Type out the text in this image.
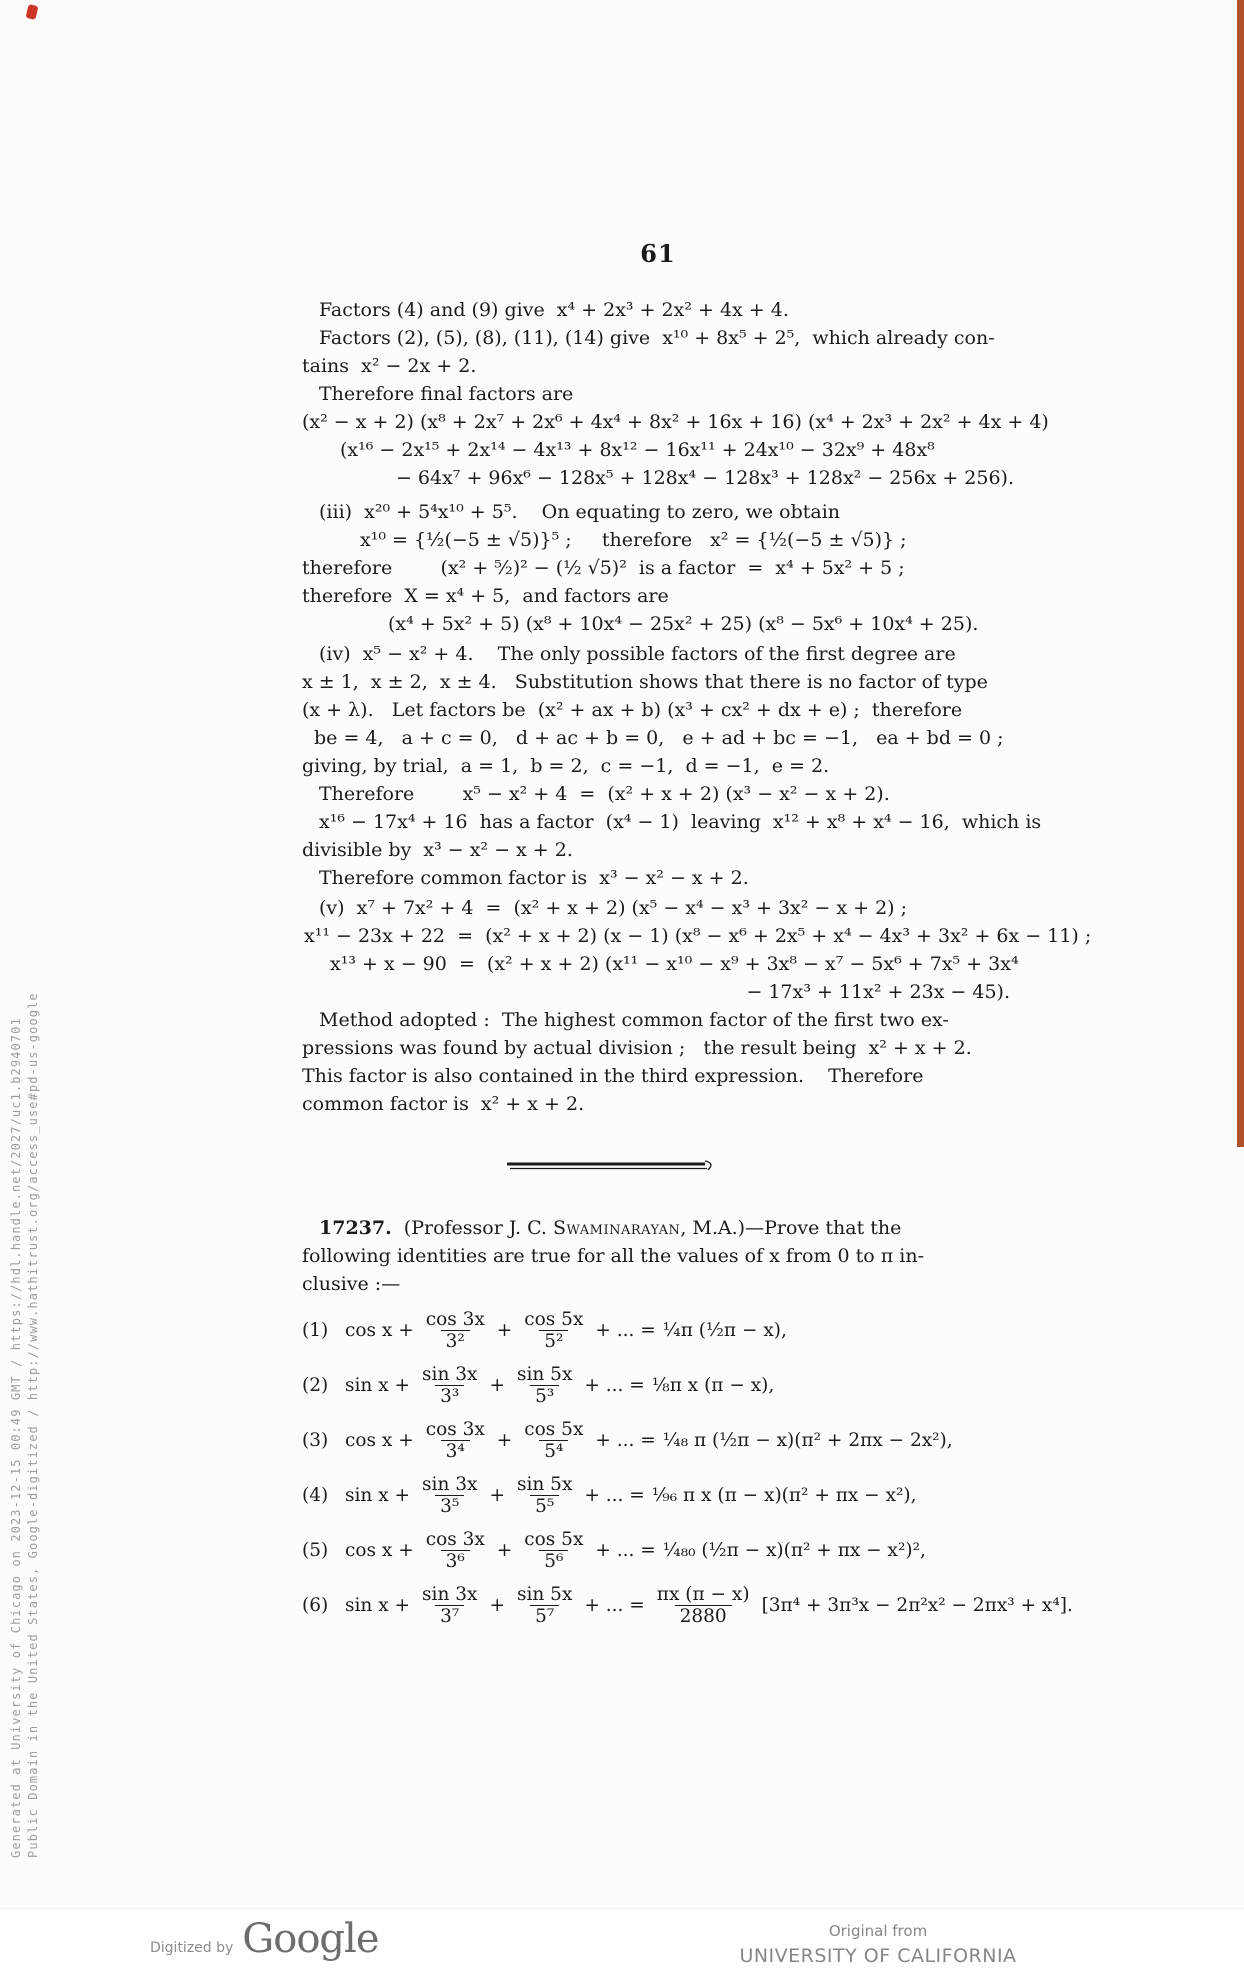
Generated at University of Chicago on 2023-12-15 00:49 GMT / https://hdl.handle.net/2027/uc1.b2940701 Public Domain in the United States, Google-digitized / http://www.hathitrust.org/access_use#pd-us-google
61
Factors (4) and (9) give  x⁴ + 2x³ + 2x² + 4x + 4.
Factors (2), (5), (8), (11), (14) give  x¹⁰ + 8x⁵ + 2⁵,  which already con-
tains  x² − 2x + 2.
Therefore final factors are
(x² − x + 2) (x⁸ + 2x⁷ + 2x⁶ + 4x⁴ + 8x² + 16x + 16) (x⁴ + 2x³ + 2x² + 4x + 4)
(x¹⁶ − 2x¹⁵ + 2x¹⁴ − 4x¹³ + 8x¹² − 16x¹¹ + 24x¹⁰ − 32x⁹ + 48x⁸
− 64x⁷ + 96x⁶ − 128x⁵ + 128x⁴ − 128x³ + 128x² − 256x + 256).
(iii)  x²⁰ + 5⁴x¹⁰ + 5⁵.    On equating to zero, we obtain
x¹⁰ = {½(−5 ± √5)}⁵ ;     therefore   x² = {½(−5 ± √5)} ;
therefore        (x² + ⁵⁄₂)² − (½ √5)²  is a factor  =  x⁴ + 5x² + 5 ;
therefore  X = x⁴ + 5,  and factors are
(x⁴ + 5x² + 5) (x⁸ + 10x⁴ − 25x² + 25) (x⁸ − 5x⁶ + 10x⁴ + 25).
(iv)  x⁵ − x² + 4.    The only possible factors of the first degree are
x ± 1,  x ± 2,  x ± 4.   Substitution shows that there is no factor of type
(x + λ).   Let factors be  (x² + ax + b) (x³ + cx² + dx + e) ;  therefore
be = 4,   a + c = 0,   d + ac + b = 0,   e + ad + bc = −1,   ea + bd = 0 ;
giving, by trial,  a = 1,  b = 2,  c = −1,  d = −1,  e = 2.
Therefore        x⁵ − x² + 4  =  (x² + x + 2) (x³ − x² − x + 2).
x¹⁶ − 17x⁴ + 16  has a factor  (x⁴ − 1)  leaving  x¹² + x⁸ + x⁴ − 16,  which is
divisible by  x³ − x² − x + 2.
Therefore common factor is  x³ − x² − x + 2.
(v)  x⁷ + 7x² + 4  =  (x² + x + 2) (x⁵ − x⁴ − x³ + 3x² − x + 2) ;
x¹¹ − 23x + 22  =  (x² + x + 2) (x − 1) (x⁸ − x⁶ + 2x⁵ + x⁴ − 4x³ + 3x² + 6x − 11) ;
x¹³ + x − 90  =  (x² + x + 2) (x¹¹ − x¹⁰ − x⁹ + 3x⁸ − x⁷ − 5x⁶ + 7x⁵ + 3x⁴
− 17x³ + 11x² + 23x − 45).
Method adopted :  The highest common factor of the first two ex-
pressions was found by actual division ;   the result being  x² + x + 2.
This factor is also contained in the third expression.    Therefore
common factor is  x² + x + 2.
17237.  (Professor J. C. Swaminarayan, M.A.)—Prove that the
following identities are true for all the values of x from 0 to π in-
clusive :—
(1) $\cos x + \frac{\cos 3x}{\text{3²}} + \frac{\cos 5x}{\text{5²}}$ + ... = ¼π (½π − x),
(2) $\sin x + \frac{\sin 3x}{\text{3³}} + \frac{\sin 5x}{\text{5³}}$ + ... = ⅛π x (π − x),
(3) $\cos x + \frac{\cos 3x}{\text{3⁴}} + \frac{\cos 5x}{\text{5⁴}}$ + ... = ¹⁄₄₈ π (½π − x)(π² + 2πx − 2x²),
(4) $\sin x + \frac{\sin 3x}{\text{3⁵}} + \frac{\sin 5x}{\text{5⁵}}$ + ... = ¹⁄₉₆ π x (π − x)(π² + πx − x²),
(5) $\cos x + \frac{\cos 3x}{\text{3⁶}} + \frac{\cos 5x}{\text{5⁶}}$ + ... = ¹⁄₄₈₀ (½π − x)(π² + πx − x²)²,
(6) $\sin x + \frac{\sin 3x}{\text{3⁷}} + \frac{\sin 5x}{\text{5⁷}}$ + ... = $\frac{\pi x (\pi - x)}{2880} [3\pi^4 + 3\pi^3x - 2\pi^2x^2 - 2\pi x^3 + x^4]$.
Digitized by Google	Original from
UNIVERSITY OF CALIFORNIA
